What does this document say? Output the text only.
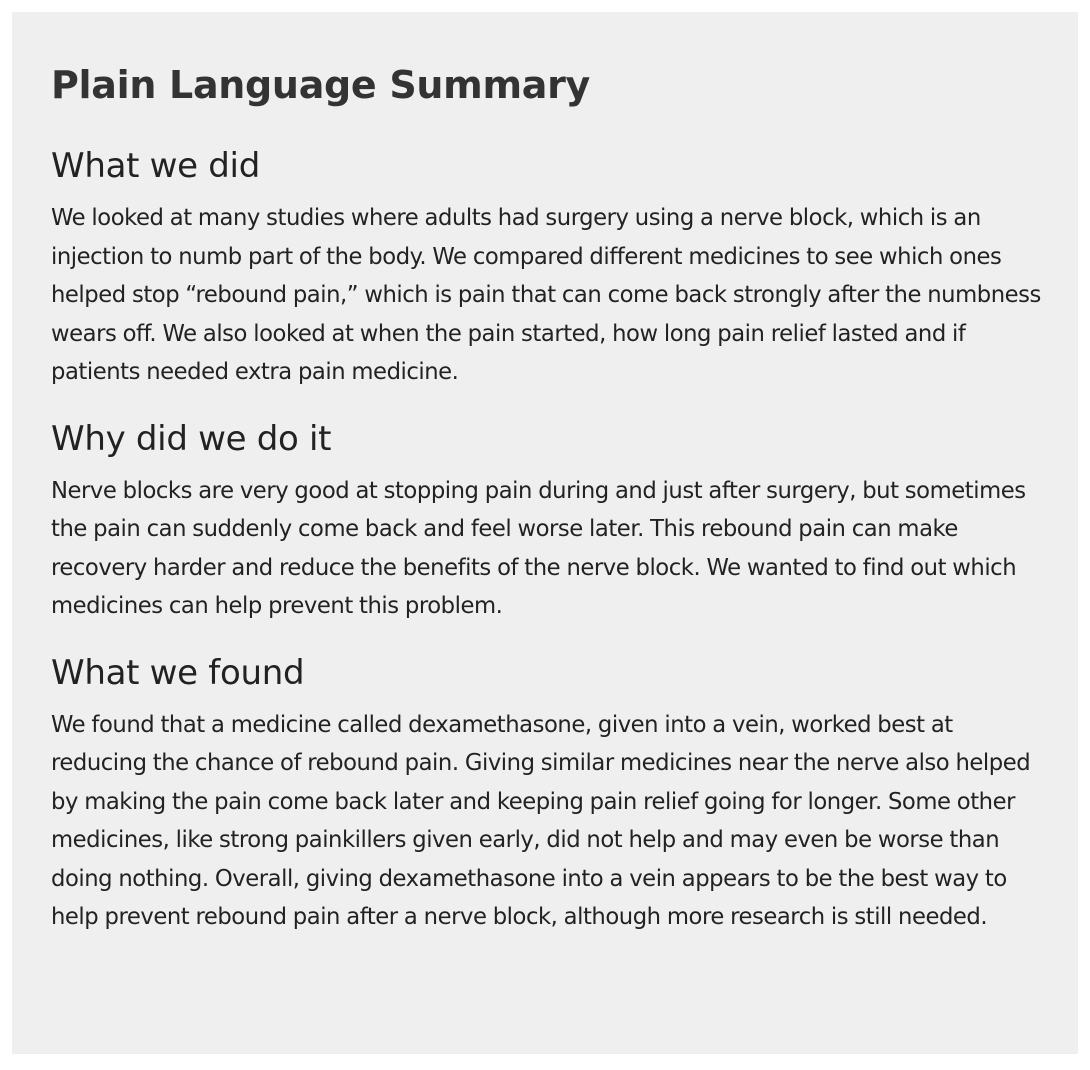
Plain Language Summary
What we did

We looked at many studies where adults had surgery using a nerve block, which is an injection to numb part of the body. We compared different medicines to see which ones helped stop “rebound pain,” which is pain that can come back strongly after the numbness wears off. We also looked at when the pain started, how long pain relief lasted and if patients needed extra pain medicine.

Why did we do it

Nerve blocks are very good at stopping pain during and just after surgery, but sometimes the pain can suddenly come back and feel worse later. This rebound pain can make recovery harder and reduce the benefits of the nerve block. We wanted to find out which medicines can help prevent this problem.

What we found

We found that a medicine called dexamethasone, given into a vein, worked best at reducing the chance of rebound pain. Giving similar medicines near the nerve also helped by making the pain come back later and keeping pain relief going for longer. Some other medicines, like strong painkillers given early, did not help and may even be worse than doing nothing. Overall, giving dexamethasone into a vein appears to be the best way to help prevent rebound pain after a nerve block, although more research is still needed.
